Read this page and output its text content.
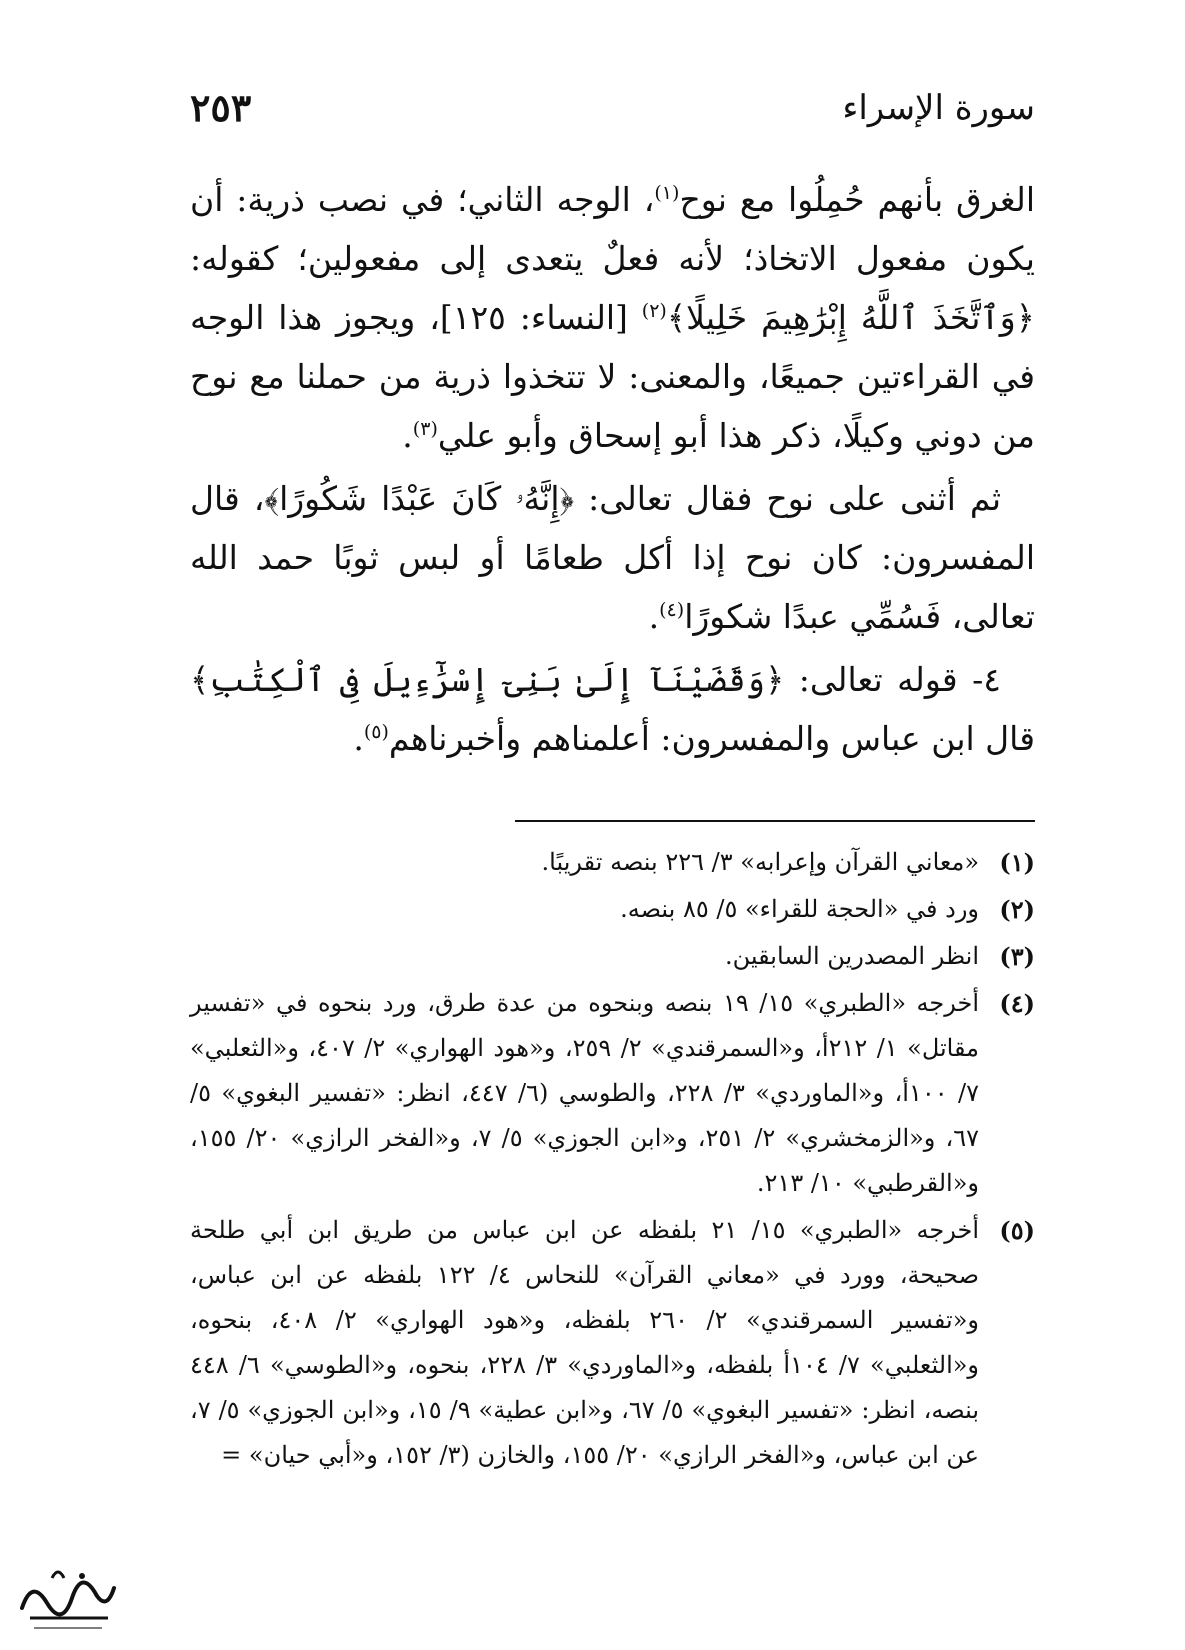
سورة الإسراء
٢٥٣

الغرق بأنهم حُمِلُوا مع نوح$^{(١)}$، الوجه الثاني؛ في نصب ذرية: أن يكون مفعول الاتخاذ؛ لأنه فعلٌ يتعدى إلى مفعولين؛ كقوله: ﴿وَٱتَّخَذَ ٱللَّهُ إِبْرَٰهِيمَ خَلِيلًا﴾$^{(٢)}$ [النساء: ١٢٥]، ويجوز هذا الوجه في القراءتين جميعًا، والمعنى: لا تتخذوا ذرية من حملنا مع نوح من دوني وكيلًا، ذكر هذا أبو إسحاق وأبو علي$^{(٣)}$.

ثم أثنى على نوح فقال تعالى: ﴿إِنَّهُۥ كَانَ عَبْدًا شَكُورًا﴾، قال المفسرون: كان نوح إذا أكل طعامًا أو لبس ثوبًا حمد الله تعالى، فَسُمِّي عبدًا شكورًا$^{(٤)}$.

٤- قوله تعالى: ﴿وَقَضَيْنَآ إِلَىٰ بَنِىٓ إِسْرَٰٓءِيلَ فِى ٱلْكِتَٰبِ﴾ قال ابن عباس والمفسرون: أعلمناهم وأخبرناهم$^{(٥)}$.

(١)
«معاني القرآن وإعرابه» ٣/ ٢٢٦ بنصه تقريبًا.
(٢)
ورد في «الحجة للقراء» ٥/ ٨٥ بنصه.
(٣)
انظر المصدرين السابقين.
(٤)
أخرجه «الطبري» ١٥/ ١٩ بنصه وبنحوه من عدة طرق، ورد بنحوه في «تفسير مقاتل» ١/ ٢١٢أ، و«السمرقندي» ٢/ ٢٥٩، و«هود الهواري» ٢/ ٤٠٧، و«الثعلبي» ٧/ ١٠٠أ، و«الماوردي» ٣/ ٢٢٨، والطوسي (٦/ ٤٤٧، انظر: «تفسير البغوي» ٥/ ٦٧، و«الزمخشري» ٢/ ٢٥١، و«ابن الجوزي» ٥/ ٧، و«الفخر الرازي» ٢٠/ ١٥٥، و«القرطبي» ١٠/ ٢١٣.
(٥)
أخرجه «الطبري» ١٥/ ٢١ بلفظه عن ابن عباس من طريق ابن أبي طلحة صحيحة، وورد في «معاني القرآن» للنحاس ٤/ ١٢٢ بلفظه عن ابن عباس، و«تفسير السمرقندي» ٢/ ٢٦٠ بلفظه، و«هود الهواري» ٢/ ٤٠٨، بنحوه، و«الثعلبي» ٧/ ١٠٤أ بلفظه، و«الماوردي» ٣/ ٢٢٨، بنحوه، و«الطوسي» ٦/ ٤٤٨ بنصه، انظر: «تفسير البغوي» ٥/ ٦٧، و«ابن عطية» ٩/ ١٥، و«ابن الجوزي» ٥/ ٧، عن ابن عباس، و«الفخر الرازي» ٢٠/ ١٥٥، والخازن (٣/ ١٥٢، و«أبي حيان» =
